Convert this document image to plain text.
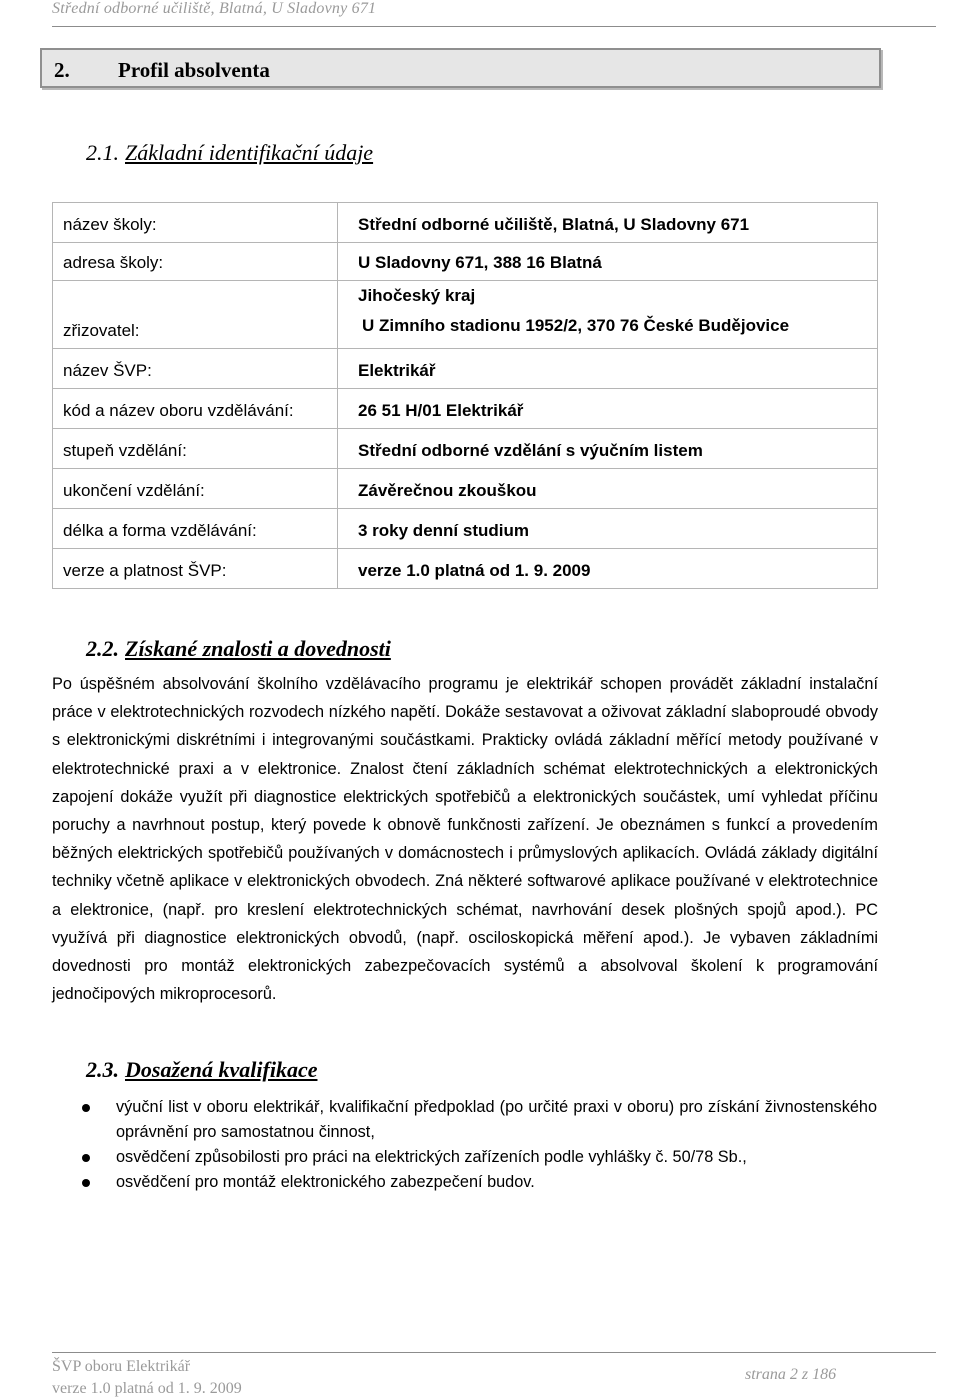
Střední odborné učiliště, Blatná, U Sladovny 671
2. Profil absolventa
2.1. Základní identifikační údaje
název školy:	Střední odborné učiliště, Blatná, U Sladovny 671
adresa školy:	U Sladovny 671, 388 16 Blatná
zřizovatel:	Jihočeský kraj
U Zimního stadionu 1952/2, 370 76 České Budějovice

název ŠVP:	Elektrikář
kód a název oboru vzdělávání:	26 51 H/01 Elektrikář
stupeň vzdělání:	Střední odborné vzdělání s výučním listem
ukončení vzdělání:	Závěrečnou zkouškou
délka a forma vzdělávání:	3 roky denní studium
verze a platnost ŠVP:	verze 1.0 platná od 1. 9. 2009
2.2. Získané znalosti a dovednosti

Po úspěšném absolvování školního vzdělávacího programu je elektrikář schopen provádět základní instalační práce v elektrotechnických rozvodech nízkého napětí. Dokáže sestavovat a oživovat základní slaboproudé obvody s elektronickými diskrétními i integrovanými součástkami. Prakticky ovládá základní měřící metody používané v elektrotechnické praxi a v elektronice. Znalost čtení základních schémat elektrotechnických a elektronických zapojení dokáže využít při diagnostice elektrických spotřebičů a elektronických součástek, umí vyhledat příčinu poruchy a navrhnout postup, který povede k obnově funkčnosti zařízení. Je obeznámen s funkcí a provedením běžných elektrických spotřebičů používaných v domácnostech i průmyslových aplikacích. Ovládá základy digitální techniky včetně aplikace v elektronických obvodech. Zná některé softwarové aplikace používané v elektrotechnice a elektronice, (např. pro kreslení elektrotechnických schémat, navrhování desek plošných spojů apod.). PC využívá při diagnostice elektronických obvodů, (např. osciloskopická měření apod.). Je vybaven základními dovednosti pro montáž elektronických zabezpečovacích systémů a absolvoval školení k programování jednočipových mikroprocesorů.

2.3. Dosažená kvalifikace
výuční list v oboru elektrikář, kvalifikační předpoklad (po určité praxi v oboru) pro získání živnostenského oprávnění pro samostatnou činnost,
osvědčení způsobilosti pro práci na elektrických zařízeních podle vyhlášky č. 50/78 Sb.,
osvědčení pro montáž elektronického zabezpečení budov.
ŠVP oboru Elektrikář
verze 1.0 platná od 1. 9. 2009
strana 2 z 186
